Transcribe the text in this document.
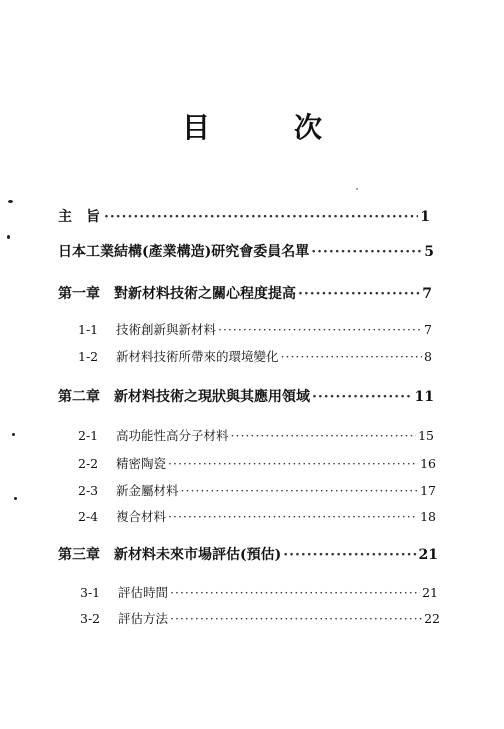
目　次
主　旨 ·····	1
日本工業結構(產業構造)研究會委員名單 ·····	5
第一章	對新材料技術之關心程度提高 ·····	7
1-1	技術創新與新材料 ·····	7
1-2	新材料技術所帶來的環境變化 ·····	8
第二章	新材料技術之現狀與其應用領域 ·····	11
2-1	高功能性高分子材料 ·····	15
2-2	精密陶瓷 ·····	16
2-3	新金屬材料 ·····	17
2-4	複合材料 ·····	18
第三章	新材料未來市場評估(預估) ·····	21
3-1	評估時間 ·····	21
3-2	評估方法 ·····	22
